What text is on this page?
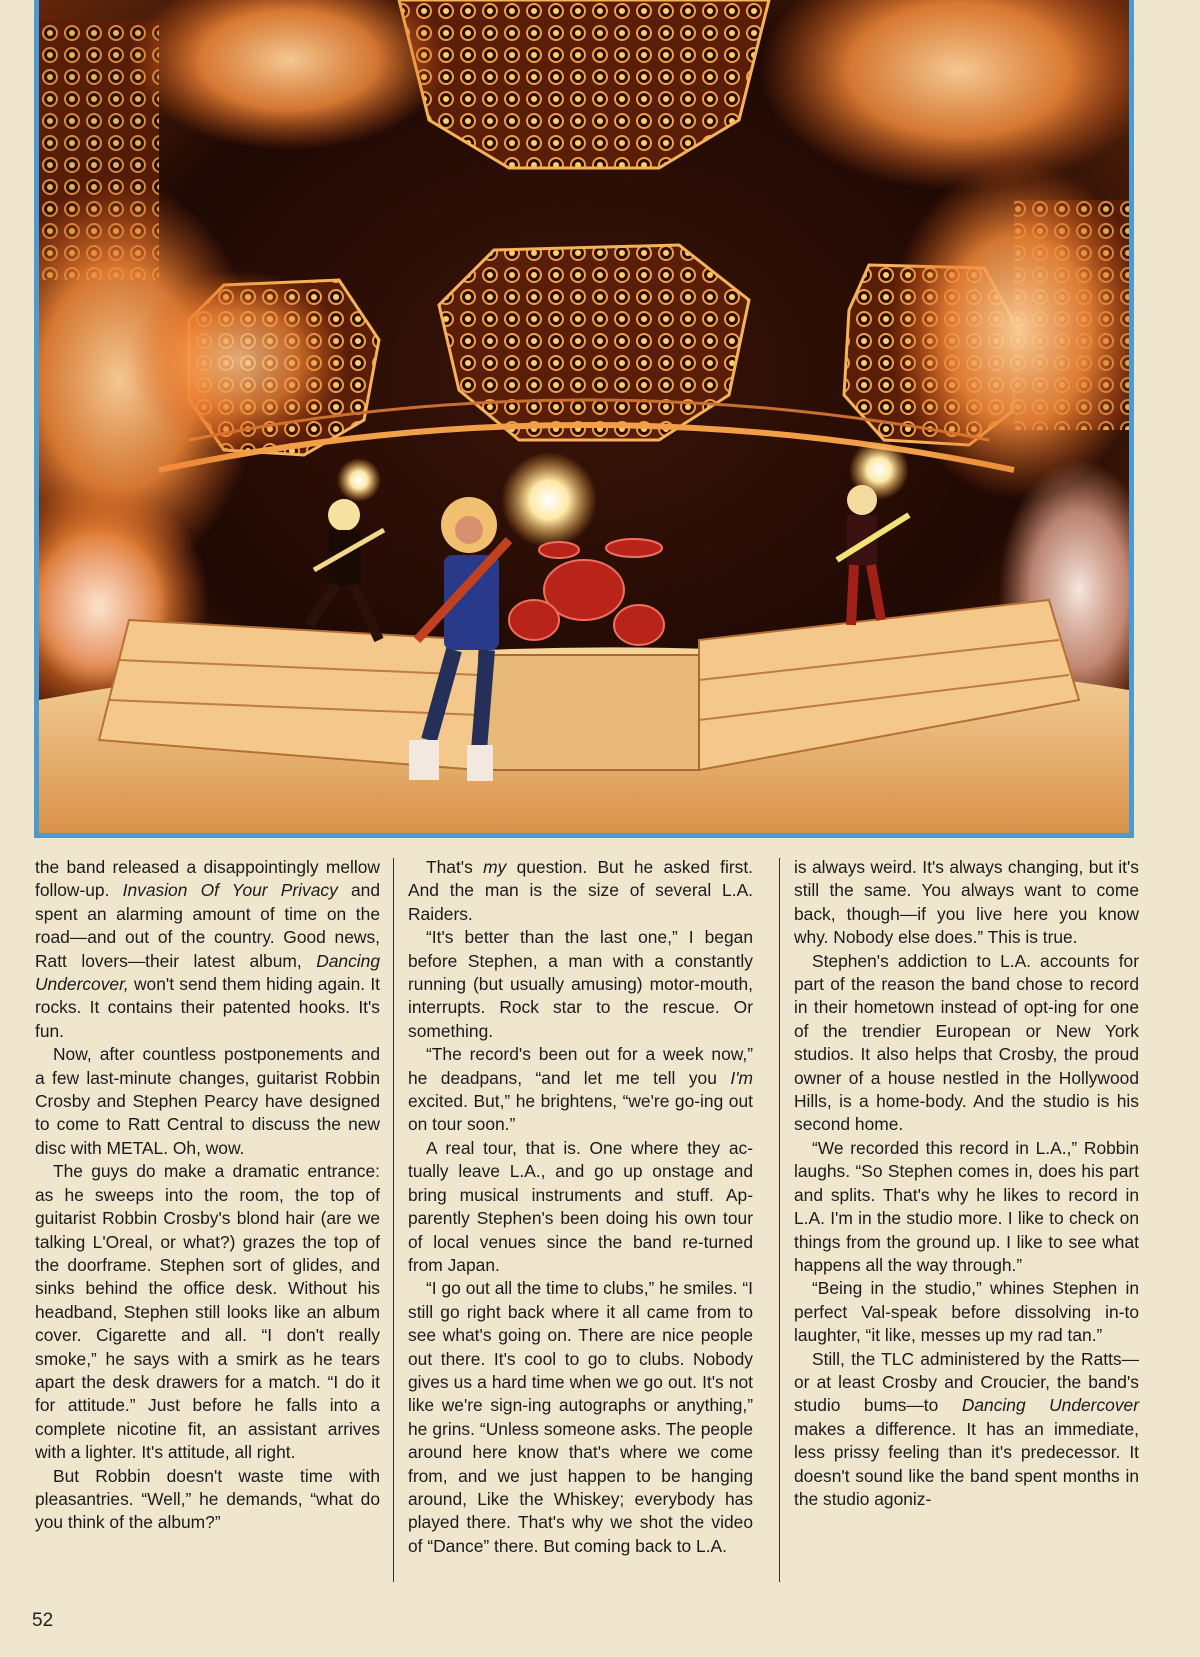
the band released a disappointingly mellow follow-up. Invasion Of Your Privacy and spent an alarming amount of time on the road—and out of the country. Good news, Ratt lovers—their latest album, Dancing Undercover, won't send them hiding again. It rocks. It contains their patented hooks. It's fun.

Now, after countless postponements and a few last-minute changes, guitarist Robbin Crosby and Stephen Pearcy have designed to come to Ratt Central to discuss the new disc with METAL. Oh, wow.

The guys do make a dramatic entrance: as he sweeps into the room, the top of guitarist Robbin Crosby's blond hair (are we talking L'Oreal, or what?) grazes the top of the doorframe. Stephen sort of glides, and sinks behind the office desk. Without his headband, Stephen still looks like an album cover. Cigarette and all. “I don't really smoke,” he says with a smirk as he tears apart the desk drawers for a match. “I do it for attitude.” Just before he falls into a complete nicotine fit, an assistant arrives with a lighter. It's attitude, all right.

But Robbin doesn't waste time with pleasantries. “Well,” he demands, “what do you think of the album?”

That's my question. But he asked first. And the man is the size of several L.A. Raiders.

“It's better than the last one,” I began before Stephen, a man with a constantly running (but usually amusing) motor-mouth, interrupts. Rock star to the rescue. Or something.

“The record's been out for a week now,” he deadpans, “and let me tell you I'm excited. But,” he brightens, “we're go-ing out on tour soon.”

A real tour, that is. One where they ac-tually leave L.A., and go up onstage and bring musical instruments and stuff. Ap-parently Stephen's been doing his own tour of local venues since the band re-turned from Japan.

“I go out all the time to clubs,” he smiles. “I still go right back where it all came from to see what's going on. There are nice people out there. It's cool to go to clubs. Nobody gives us a hard time when we go out. It's not like we're sign-ing autographs or anything,” he grins. “Unless someone asks. The people around here know that's where we come from, and we just happen to be hanging around, Like the Whiskey; everybody has played there. That's why we shot the video of “Dance” there. But coming back to L.A.

is always weird. It's always changing, but it's still the same. You always want to come back, though—if you live here you know why. Nobody else does.” This is true.

Stephen's addiction to L.A. accounts for part of the reason the band chose to record in their hometown instead of opt-ing for one of the trendier European or New York studios. It also helps that Crosby, the proud owner of a house nestled in the Hollywood Hills, is a home-body. And the studio is his second home.

“We recorded this record in L.A.,” Robbin laughs. “So Stephen comes in, does his part and splits. That's why he likes to record in L.A. I'm in the studio more. I like to check on things from the ground up. I like to see what happens all the way through.”

“Being in the studio,” whines Stephen in perfect Val-speak before dissolving in-to laughter, “it like, messes up my rad tan.”

Still, the TLC administered by the Ratts—or at least Crosby and Croucier, the band's studio bums—to Dancing Undercover makes a difference. It has an immediate, less prissy feeling than it's predecessor. It doesn't sound like the band spent months in the studio agoniz-

52
